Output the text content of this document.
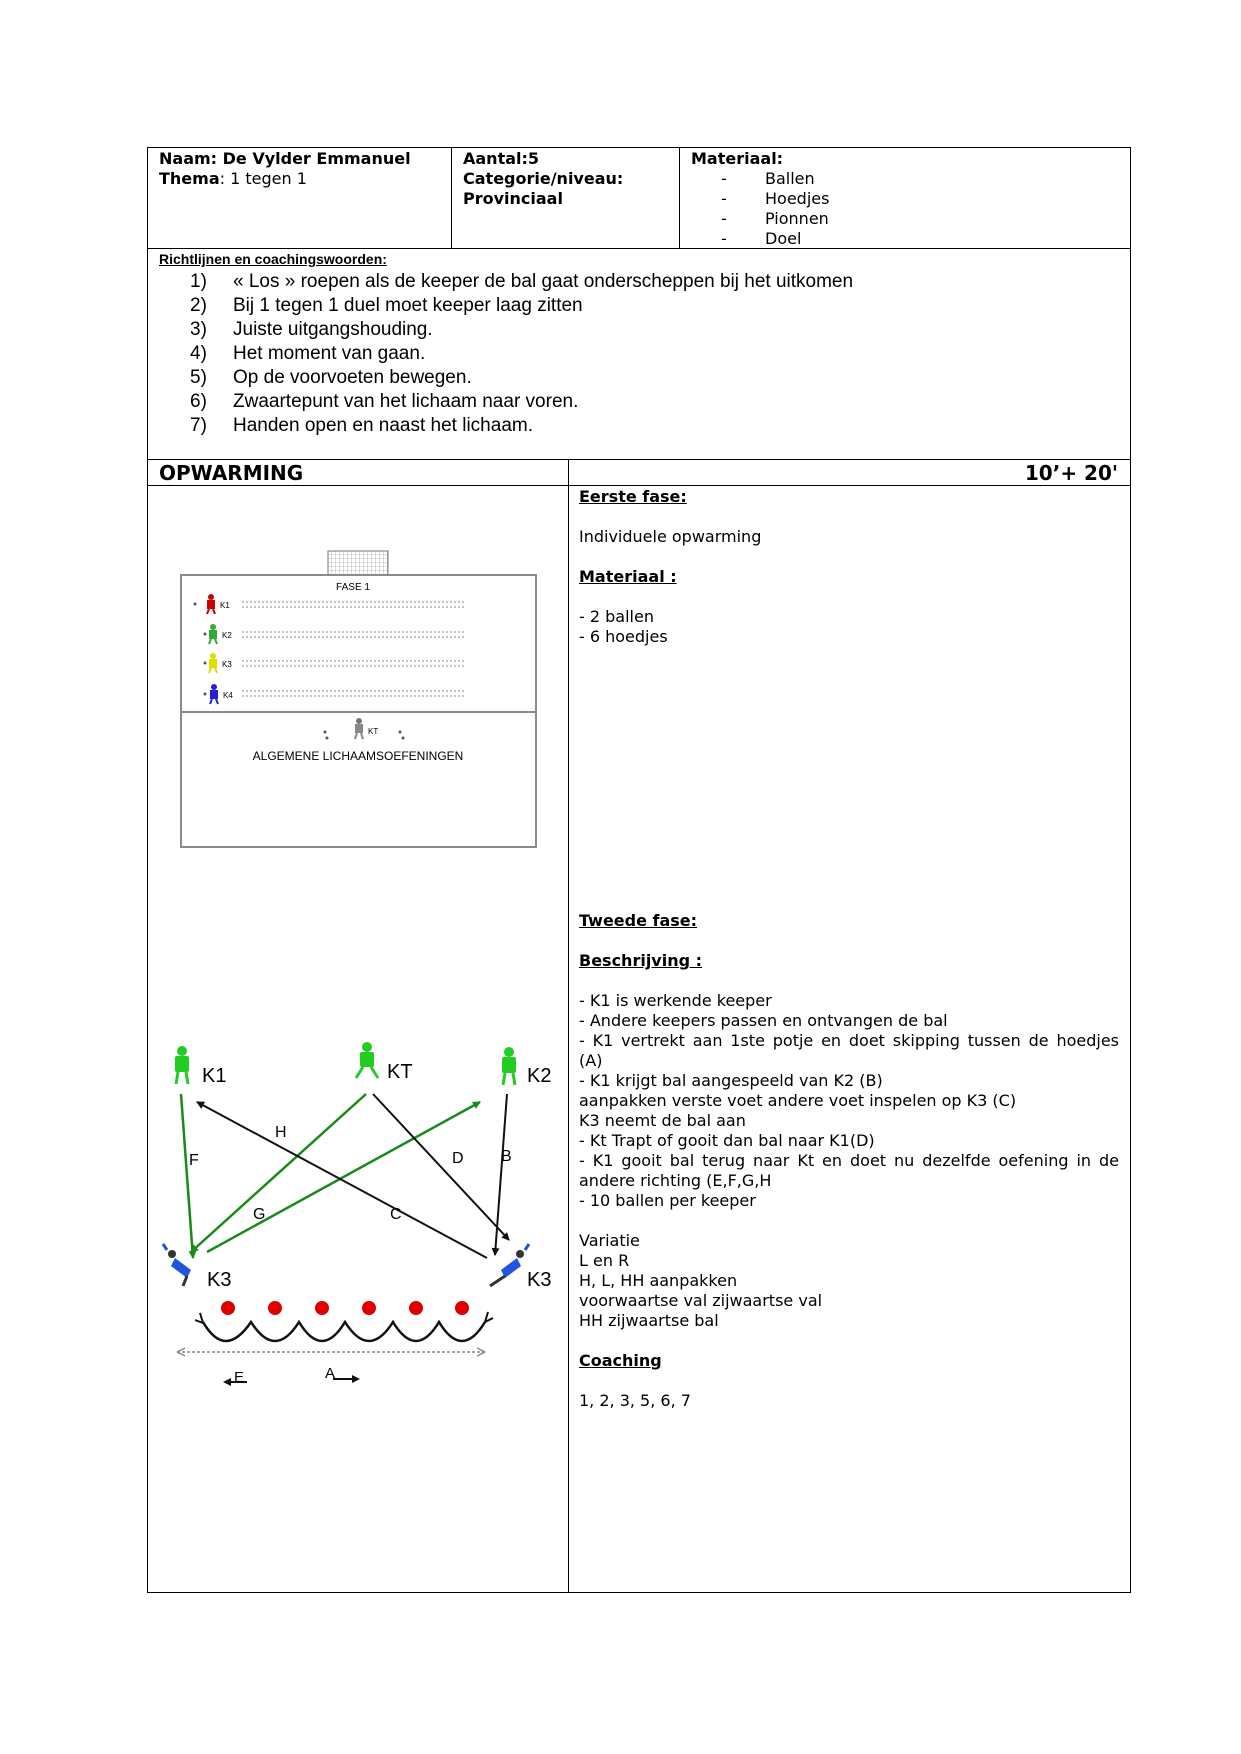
Naam: De Vylder Emmanuel
Thema: 1 tegen 1
Aantal:5
Categorie/niveau:
Provinciaal
Materiaal:
- Ballen
- Hoedjes
- Pionnen
- Doel
Richtlijnen en coachingswoorden:
1) « Los » roepen als de keeper de bal gaat onderscheppen bij het uitkomen
2) Bij 1 tegen 1 duel moet keeper laag zitten
3) Juiste uitgangshouding.
4) Het moment van gaan.
5) Op de voorvoeten bewegen.
6) Zwaartepunt van het lichaam naar voren.
7) Handen open en naast het lichaam.
OPWARMING	10’+ 20'
Eerste fase:
Individuele opwarming
Materiaal :
- 2 ballen
- 6 hoedjes
Tweede fase:
Beschrijving :
- K1 is werkende keeper
- Andere keepers passen en ontvangen de bal
- K1 vertrekt aan 1ste potje en doet skipping tussen de hoedjes
(A)
- K1 krijgt bal aangespeeld van K2 (B)
aanpakken verste voet andere voet inspelen op K3 (C)
K3 neemt de bal aan
- Kt Trapt of gooit dan bal naar K1(D)
- K1 gooit bal terug naar Kt en doet nu dezelfde oefening in de
andere richting (E,F,G,H
- 10 ballen per keeper
Variatie
L en R
H, L, HH aanpakken
voorwaartse val zijwaartse val
HH zijwaartse bal
Coaching
1, 2, 3, 5, 6, 7
FASE 1
K1
K2
K3
K4
KT
ALGEMENE LICHAAMSOEFENINGEN
K1	KT	K2
K3	K3
F
H
D B
G	C
E	A
